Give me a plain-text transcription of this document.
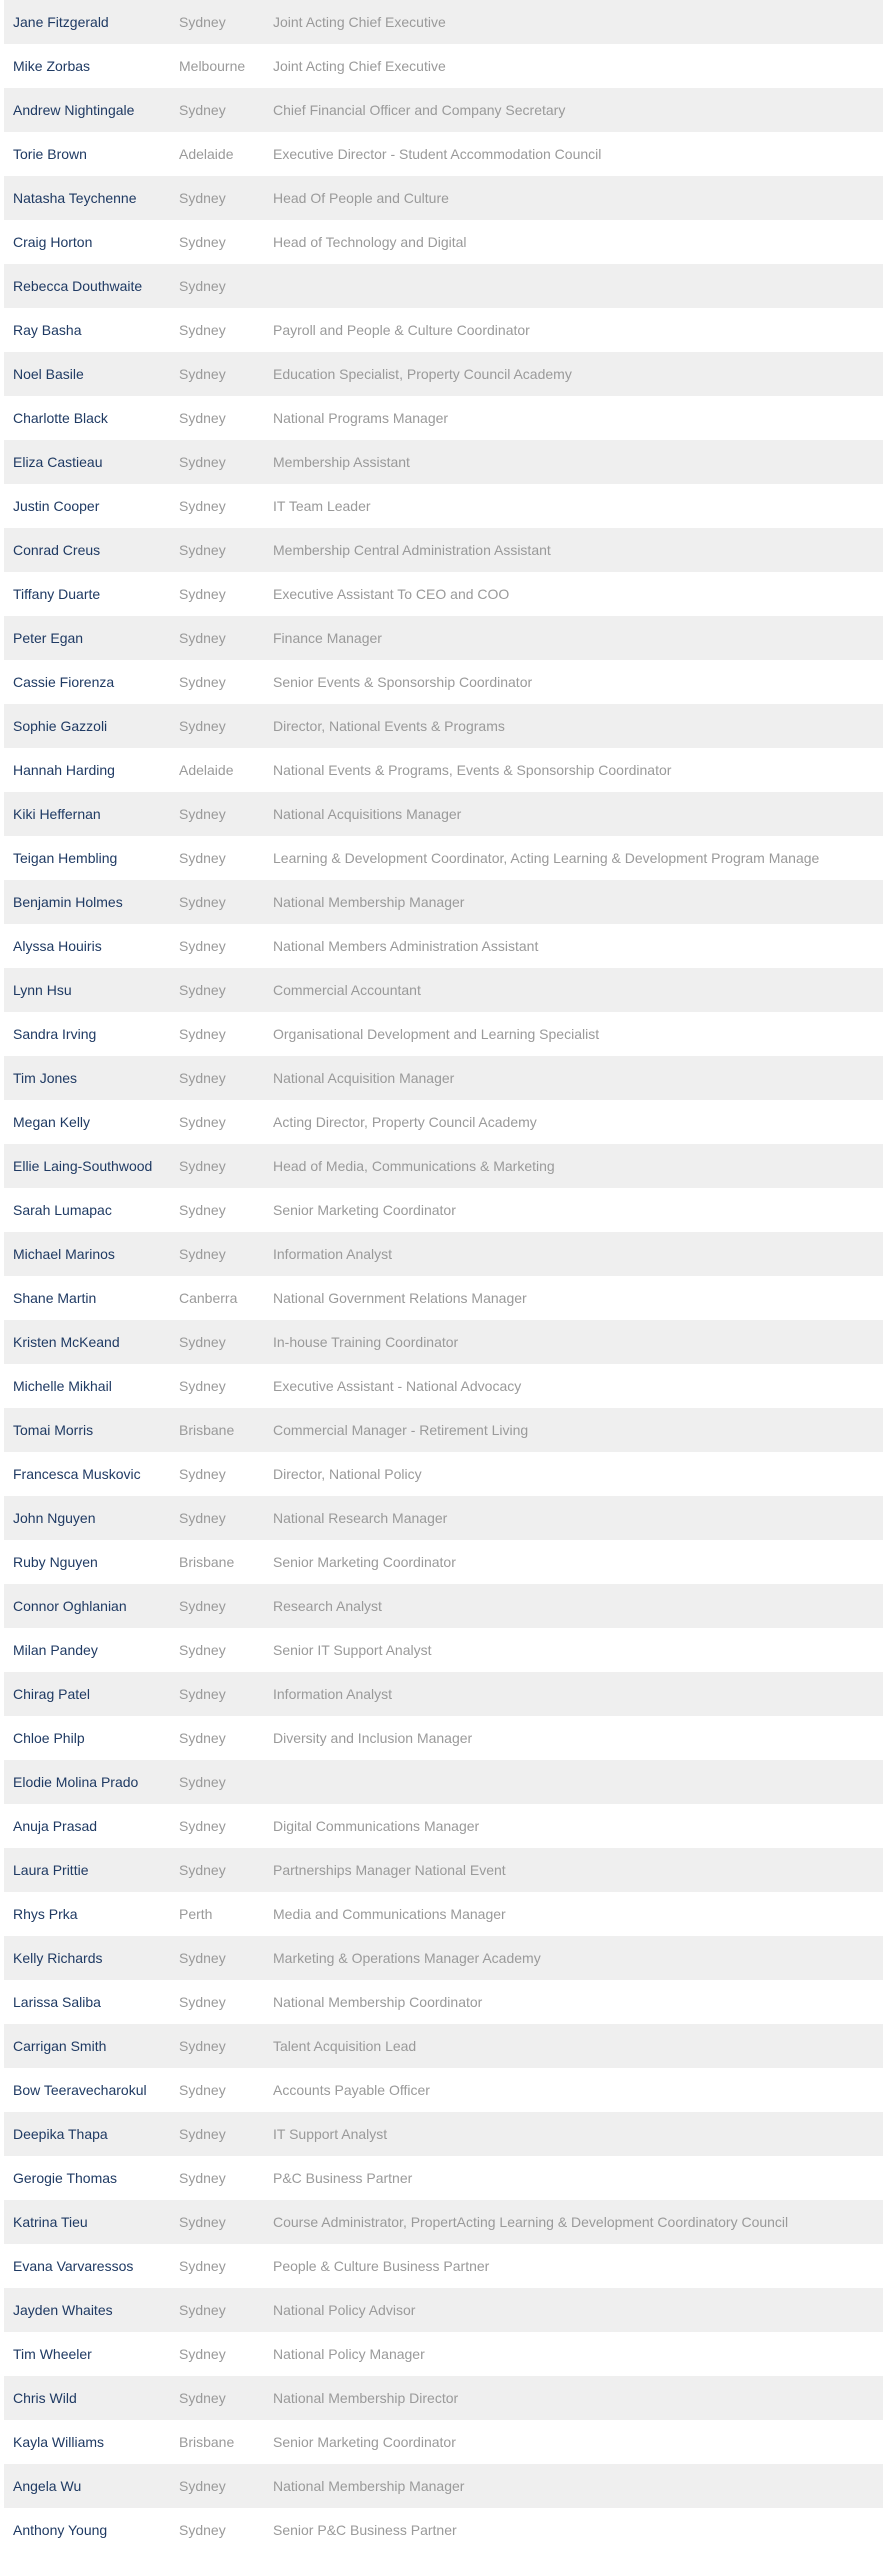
Jane Fitzgerald	Sydney	Joint Acting Chief Executive
Mike Zorbas	Melbourne	Joint Acting Chief Executive
Andrew Nightingale	Sydney	Chief Financial Officer and Company Secretary
Torie Brown	Adelaide	Executive Director - Student Accommodation Council
Natasha Teychenne	Sydney	Head Of People and Culture
Craig Horton	Sydney	Head of Technology and Digital
Rebecca Douthwaite	Sydney
Ray Basha	Sydney	Payroll and People & Culture Coordinator
Noel Basile	Sydney	Education Specialist, Property Council Academy
Charlotte Black	Sydney	National Programs Manager
Eliza Castieau	Sydney	Membership Assistant
Justin Cooper	Sydney	IT Team Leader
Conrad Creus	Sydney	Membership Central Administration Assistant
Tiffany Duarte	Sydney	Executive Assistant To CEO and COO
Peter Egan	Sydney	Finance Manager
Cassie Fiorenza	Sydney	Senior Events & Sponsorship Coordinator
Sophie Gazzoli	Sydney	Director, National Events & Programs
Hannah Harding	Adelaide	National Events & Programs, Events & Sponsorship Coordinator
Kiki Heffernan	Sydney	National Acquisitions Manager
Teigan Hembling	Sydney	Learning & Development Coordinator, Acting Learning & Development Program Manage
Benjamin Holmes	Sydney	National Membership Manager
Alyssa Houiris	Sydney	National Members Administration Assistant
Lynn Hsu	Sydney	Commercial Accountant
Sandra Irving	Sydney	Organisational Development and Learning Specialist
Tim Jones	Sydney	National Acquisition Manager
Megan Kelly	Sydney	Acting Director, Property Council Academy
Ellie Laing-Southwood	Sydney	Head of Media, Communications & Marketing
Sarah Lumapac	Sydney	Senior Marketing Coordinator
Michael Marinos	Sydney	Information Analyst
Shane Martin	Canberra	National Government Relations Manager
Kristen McKeand	Sydney	In-house Training Coordinator
Michelle Mikhail	Sydney	Executive Assistant - National Advocacy
Tomai Morris	Brisbane	Commercial Manager - Retirement Living
Francesca Muskovic	Sydney	Director, National Policy
John Nguyen	Sydney	National Research Manager
Ruby Nguyen	Brisbane	Senior Marketing Coordinator
Connor Oghlanian	Sydney	Research Analyst
Milan Pandey	Sydney	Senior IT Support Analyst
Chirag Patel	Sydney	Information Analyst
Chloe Philp	Sydney	Diversity and Inclusion Manager
Elodie Molina Prado	Sydney
Anuja Prasad	Sydney	Digital Communications Manager
Laura Prittie	Sydney	Partnerships Manager National Event
Rhys Prka	Perth	Media and Communications Manager
Kelly Richards	Sydney	Marketing & Operations Manager Academy
Larissa Saliba	Sydney	National Membership Coordinator
Carrigan Smith	Sydney	Talent Acquisition Lead
Bow Teeravecharokul	Sydney	Accounts Payable Officer
Deepika Thapa	Sydney	IT Support Analyst
Gerogie Thomas	Sydney	P&C Business Partner
Katrina Tieu	Sydney	Course Administrator, PropertActing Learning & Development Coordinatory Council
Evana Varvaressos	Sydney	People & Culture Business Partner
Jayden Whaites	Sydney	National Policy Advisor
Tim Wheeler	Sydney	National Policy Manager
Chris Wild	Sydney	National Membership Director
Kayla Williams	Brisbane	Senior Marketing Coordinator
Angela Wu	Sydney	National Membership Manager
Anthony Young	Sydney	Senior P&C Business Partner
